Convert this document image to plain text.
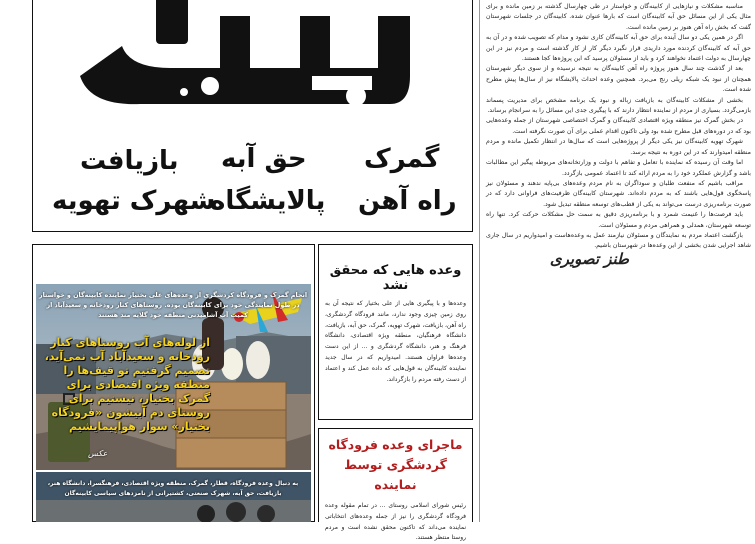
مناسبه مشکلات و نیازهایی از کابینه‌گان و خواستار در طی چهارسال گذشته بر زمین مانده و برای مثال یکی از این مسائل حق آبه کابینه‌گان است که بارها عنوان شده. کابینه‌گان در جلسات شهرستان گفت که بخش راه آهن هنوز بر زمین مانده است.

اگر در همین یکی دو سال آینده برای حق آبه کابینه‌گان کاری نشود و مدام که تصویب شده و در آن به حق آبه که کابینه‌گان کردنده مورد داریدی قرار نگیرد دیگر کار از کار گذشته است و مردم نیز در این چهارسال به دولت اعتماد نخواهند کرد و باید از مسئولان پرسید که این پروژه‌ها کجا هستند.

بعد از گذشت چند سال هنوز پروژه راه آهن کابینه‌گان به نتیجه نرسیده و از سوی دیگر شهرستان همچنان از نبود یک شبکه ریلی رنج می‌برد. همچنین وعده احداث پالایشگاه نیز از سال‌ها پیش مطرح شده است.

بخشی از مشکلات کابینه‌گان به بازیافت زباله و نبود یک برنامه مشخص برای مدیریت پسماند بازمی‌گردد. بسیاری از مردم از نماینده انتظار دارند که با پیگیری جدی این مسائل را به سرانجام برساند.

در بخش گمرک نیز منطقه ویژه اقتصادی کابینه‌گان و گمرک اختصاصی شهرستان از جمله وعده‌هایی بود که در دوره‌های قبل مطرح شده بود ولی تاکنون اقدام عملی برای آن صورت نگرفته است.

شهرک تهویه کابینه‌گان نیز یکی دیگر از پروژه‌هایی است که سال‌ها در انتظار تکمیل مانده و مردم منطقه امیدوارند که در این دوره به نتیجه برسد.

اما وقت آن رسیده که نماینده با تعامل و تفاهم با دولت و وزارتخانه‌های مربوطه پیگیر این مطالبات باشد و گزارش عملکرد خود را به مردم ارائه کند تا اعتماد عمومی بازگردد.

مراقب باشیم که منفعت طلبان و سوداگران به نام مردم وعده‌های بی‌پایه ندهند و مسئولان نیز پاسخگوی قول‌هایی باشند که به مردم داده‌اند. شهرستان کابینه‌گان ظرفیت‌های فراوانی دارد که در صورت برنامه‌ریزی درست می‌تواند به یکی از قطب‌های توسعه منطقه تبدیل شود.

باید فرصت‌ها را غنیمت شمرد و با برنامه‌ریزی دقیق به سمت حل مشکلات حرکت کرد. تنها راه توسعه شهرستان، همدلی و همراهی مردم و مسئولان است.

بازگشت اعتماد مردم به نمایندگان و مسئولان نیازمند عمل به وعده‌هاست و امیدواریم در سال جاری شاهد اجرایی شدن بخشی از این وعده‌ها در شهرستان باشیم.

گمرک
حق آبه
بازیافت
راه آهن
پالایشگاه
شهرک تهویه
طنز تصویری
انجام گمرک و فرودگاه کردشگری از وعده‌های علی بختیار نماینده کابینه‌گان و خواستار در طول نمایندگی خود برای کابینه‌گان بوده. روستاهای کنار رودخانه و سعیدآباد از کمیت آب آشامیدنی منطقه خود گلایه مند هستند
از لوله‌های آب روستاهای کنار رودخانه و سعیدآباد آب نمی‌آید، تصمیم گرفتیم تو قیف‌ها را منطقه ویژه اقتصادی برای گمرک بختیار، نیستیم برای روستای دم آبیشون «فرودگاه بختیار» سوار هواپیمایشیم
عکس
به دنبال وعده فرودگاه، قطار، گمرک، منطقه ویژه اقتصادی، فرهنگسرا، دانشگاه هنر، بازیافت، حق آبه، شهرک صنعتی، کشتیرانی از نامزدهای سیاسی کابینه‌گان

وعده هایی که محقق نشد

وعده‌ها و با پیگیری هایی از علی بختیار که نتیجه آن به روی زمین چیزی وجود ندارد، مانند فرودگاه گردشگری، راه آهن، بازیافت، شهرک تهویه، گمرک، حق آبه، بازیافت، دانشگاه فرهنگیان، منطقه ویژه اقتصادی، دانشگاه فرهنگ و هنر، دانشگاه گردشگری و ... از این دست وعده‌ها فراوان هستند. امیدواریم که در سال جدید نماینده کابینه‌گان به قول‌هایی که داده عمل کند و اعتماد از دست رفته مردم را بازگرداند.

ماجرای وعده فرودگاه گردشگری توسط نماینده

رئیس شورای اسلامی روستای ... در تمام مقوله وعده فرودگاه گردشگری را نیز از جمله وعده‌های انتخاباتی نماینده می‌داند که تاکنون محقق نشده است و مردم روستا منتظر هستند.
